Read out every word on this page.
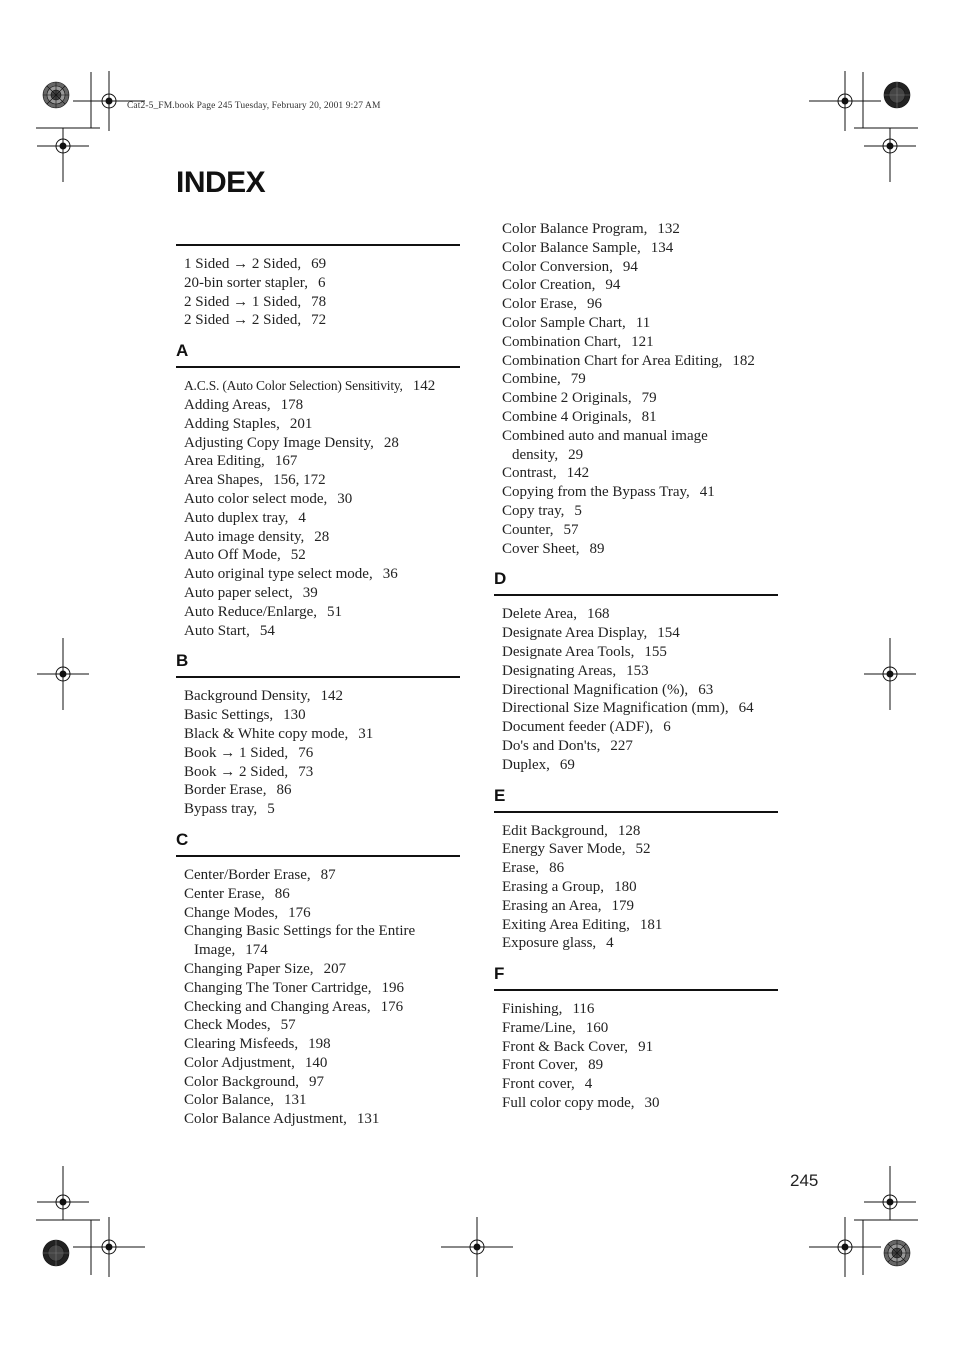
Cat2-5_FM.book Page 245 Tuesday, February 20, 2001 9:27 AM
INDEX
1 Sided → 2 Sided, 69
20-bin sorter stapler, 6
2 Sided → 1 Sided, 78
2 Sided → 2 Sided, 72
A
A.C.S. (Auto Color Selection) Sensitivity, 142
Adding Areas, 178
Adding Staples, 201
Adjusting Copy Image Density, 28
Area Editing, 167
Area Shapes, 156, 172
Auto color select mode, 30
Auto duplex tray, 4
Auto image density, 28
Auto Off Mode, 52
Auto original type select mode, 36
Auto paper select, 39
Auto Reduce/Enlarge, 51
Auto Start, 54
B
Background Density, 142
Basic Settings, 130
Black & White copy mode, 31
Book → 1 Sided, 76
Book → 2 Sided, 73
Border Erase, 86
Bypass tray, 5
C
Center/Border Erase, 87
Center Erase, 86
Change Modes, 176
Changing Basic Settings for the Entire
Image, 174
Changing Paper Size, 207
Changing The Toner Cartridge, 196
Checking and Changing Areas, 176
Check Modes, 57
Clearing Misfeeds, 198
Color Adjustment, 140
Color Background, 97
Color Balance, 131
Color Balance Adjustment, 131
Color Balance Program, 132
Color Balance Sample, 134
Color Conversion, 94
Color Creation, 94
Color Erase, 96
Color Sample Chart, 11
Combination Chart, 121
Combination Chart for Area Editing, 182
Combine, 79
Combine 2 Originals, 79
Combine 4 Originals, 81
Combined auto and manual image
density, 29
Contrast, 142
Copying from the Bypass Tray, 41
Copy tray, 5
Counter, 57
Cover Sheet, 89
D
Delete Area, 168
Designate Area Display, 154
Designate Area Tools, 155
Designating Areas, 153
Directional Magnification (%), 63
Directional Size Magnification (mm), 64
Document feeder (ADF), 6
Do's and Don'ts, 227
Duplex, 69
E
Edit Background, 128
Energy Saver Mode, 52
Erase, 86
Erasing a Group, 180
Erasing an Area, 179
Exiting Area Editing, 181
Exposure glass, 4
F
Finishing, 116
Frame/Line, 160
Front & Back Cover, 91
Front Cover, 89
Front cover, 4
Full color copy mode, 30
245
